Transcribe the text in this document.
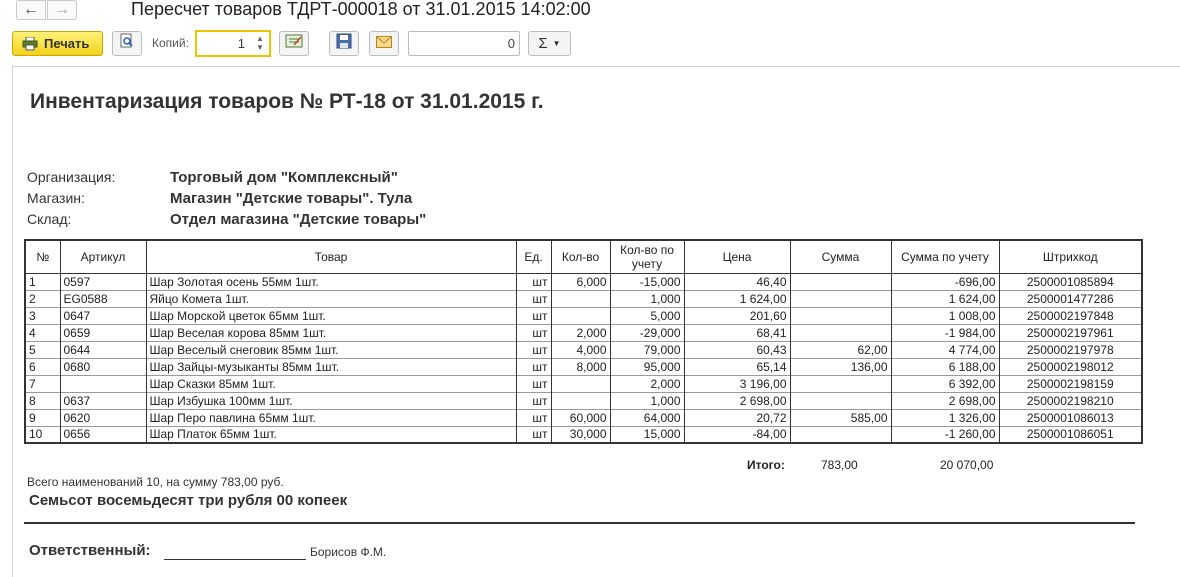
← →	Пересчет товаров ТДРТ-000018 от 31.01.2015 14:02:00
Печать	Копий:	1	▲
▼	0 Σ ▼
Инвентаризация товаров № РТ-18 от 31.01.2015 г.
Организация:	Торговый дом "Комплексный"
Магазин:	Магазин "Детские товары". Тула
Склад:	Отдел магазина "Детские товары"
№	Артикул	Товар	Ед.	Кол-во	Кол-во по учету	Цена	Сумма	Сумма по учету	Штрихкод
1	0597	Шар Золотая осень 55мм 1шт.	шт	6,000	-15,000	46,40		-696,00	2500001085894
2	EG0588	Яйцо Комета 1шт.	шт		1,000	1 624,00		1 624,00	2500001477286
3	0647	Шар Морской цветок 65мм 1шт.	шт		5,000	201,60		1 008,00	2500002197848
4	0659	Шар Веселая корова 85мм 1шт.	шт	2,000	-29,000	68,41		-1 984,00	2500002197961
5	0644	Шар Веселый снеговик 85мм 1шт.	шт	4,000	79,000	60,43	62,00	4 774,00	2500002197978
6	0680	Шар Зайцы-музыканты 85мм 1шт.	шт	8,000	95,000	65,14	136,00	6 188,00	2500002198012
7		Шар Сказки 85мм 1шт.	шт		2,000	3 196,00		6 392,00	2500002198159
8	0637	Шар Избушка 100мм 1шт.	шт		1,000	2 698,00		2 698,00	2500002198210
9	0620	Шар Перо павлина 65мм 1шт.	шт	60,000	64,000	20,72	585,00	1 326,00	2500001086013
10	0656	Шар Платок 65мм 1шт.	шт	30,000	15,000	-84,00		-1 260,00	2500001086051
Итого:	783,00	20 070,00
Всего наименований 10, на сумму 783,00 руб.
Семьсот восемьдесят три рубля 00 копеек
Ответственный:	Борисов Ф.М.
